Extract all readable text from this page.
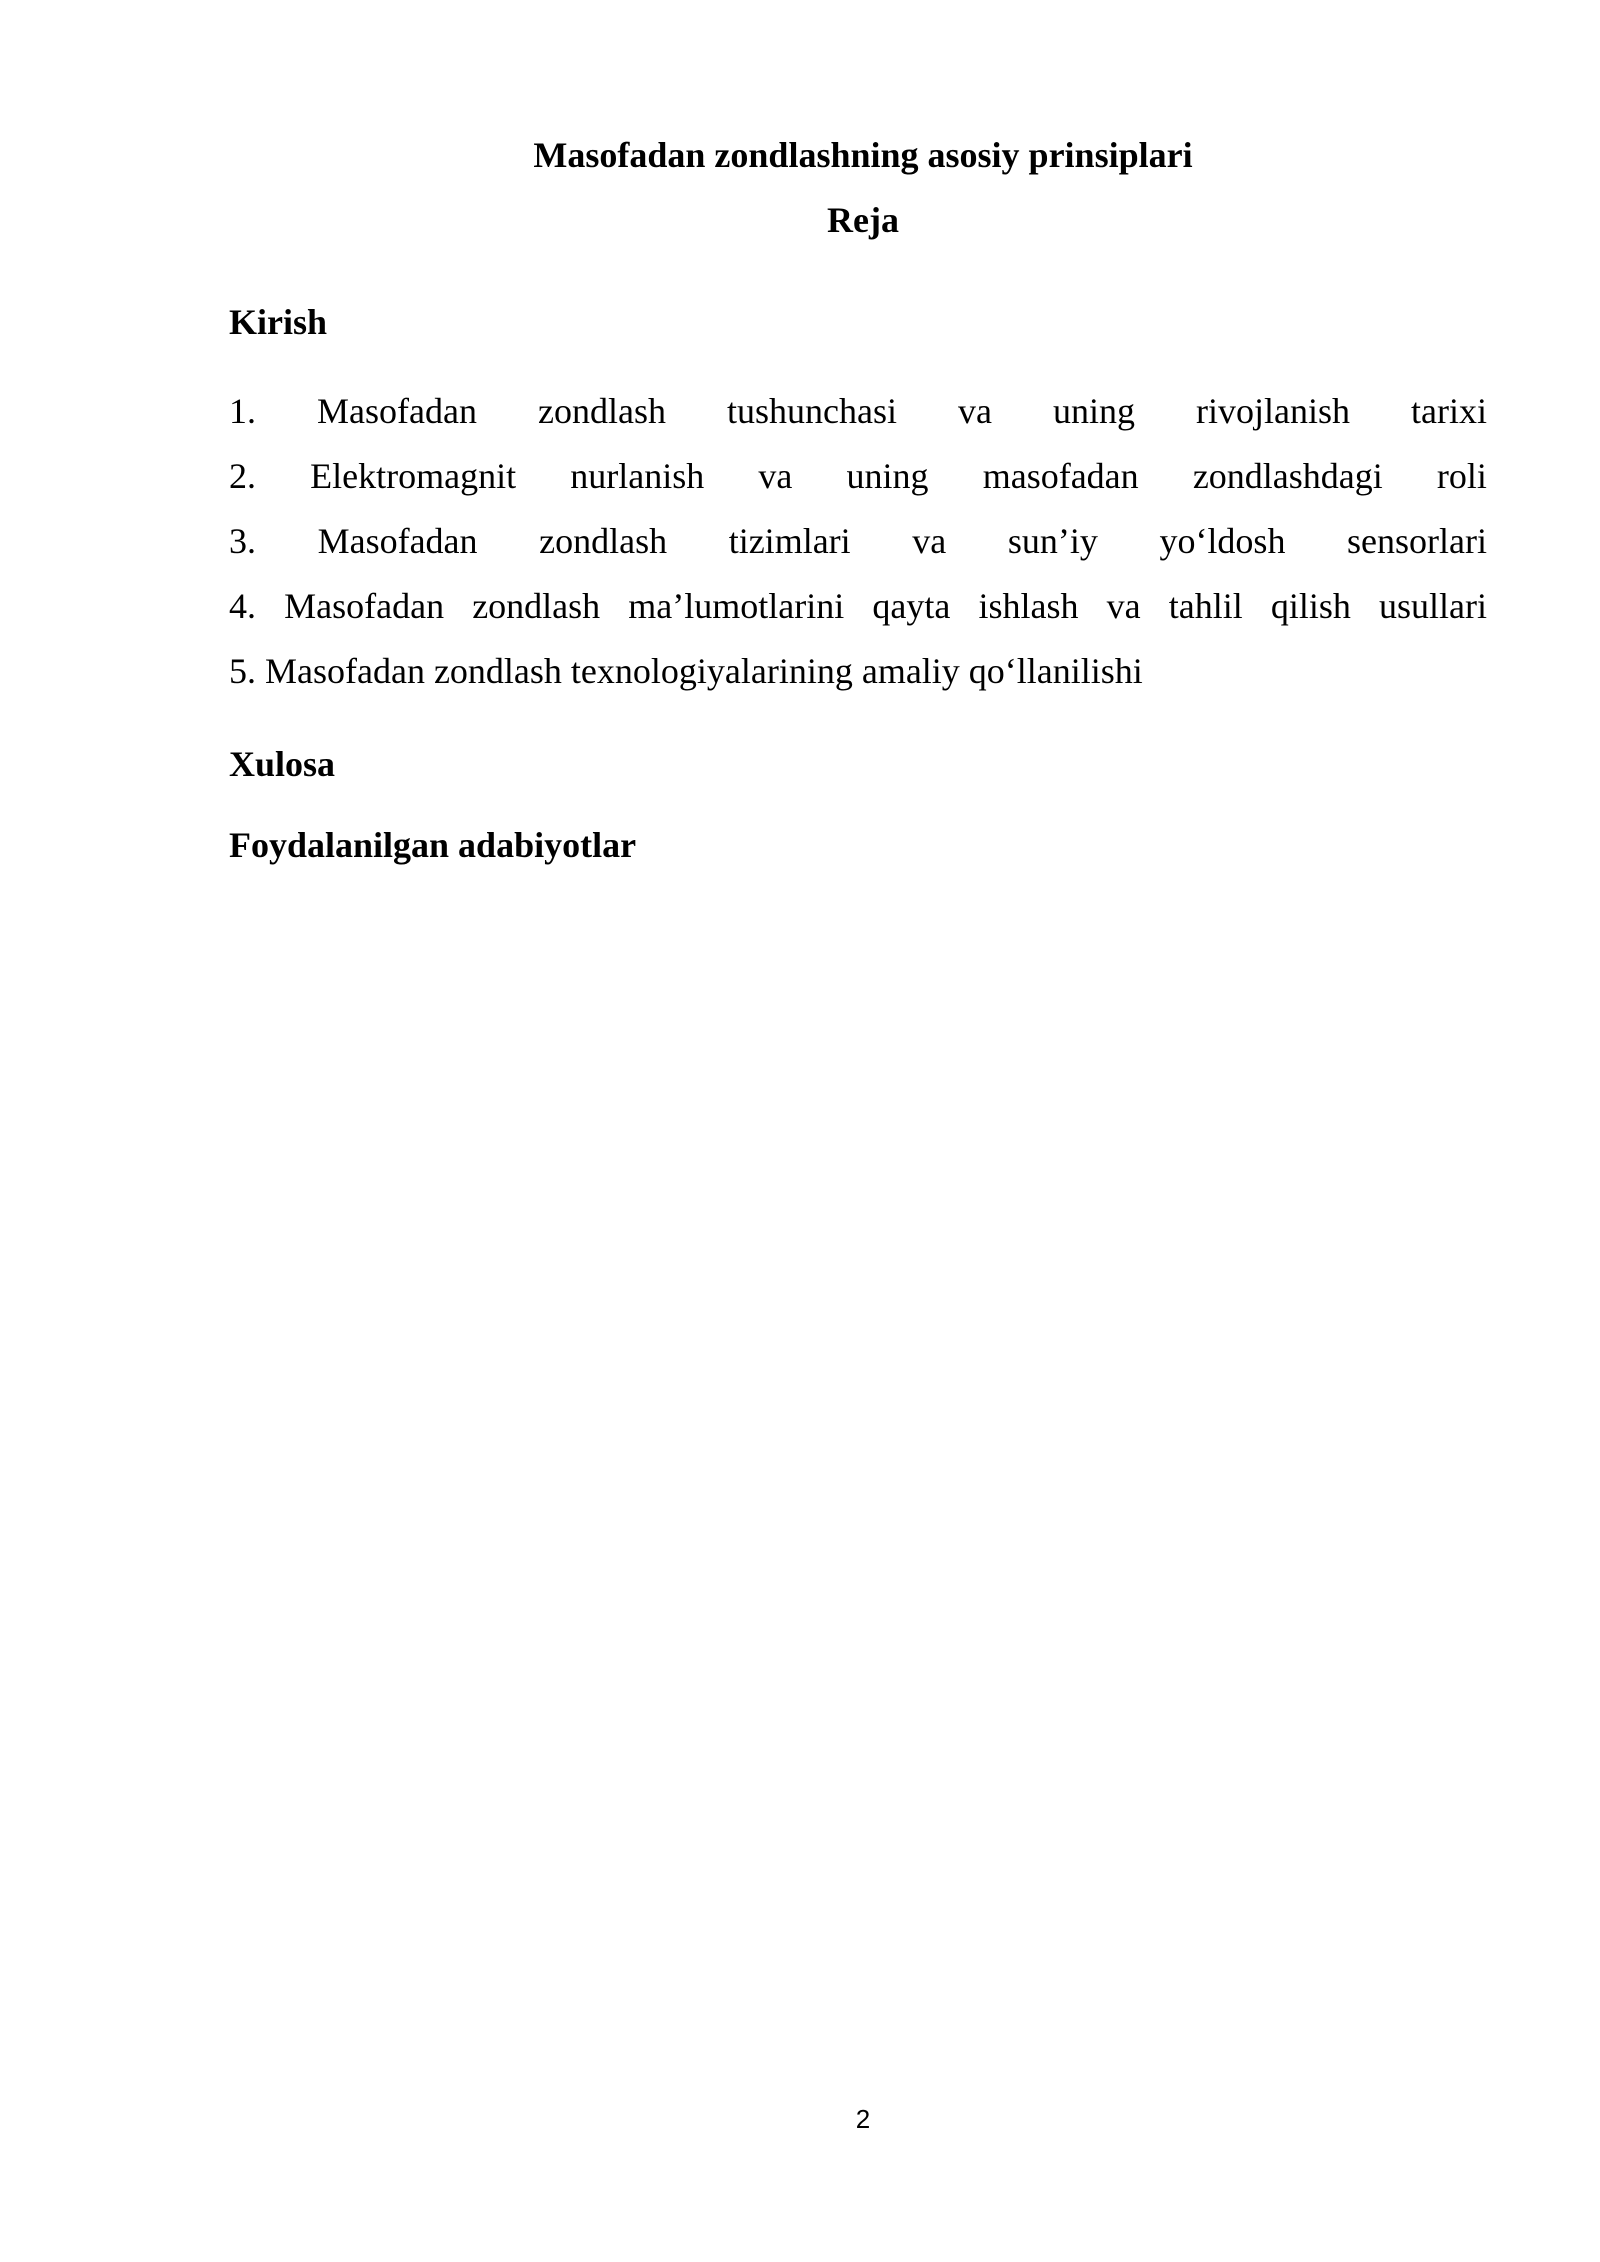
Masofadan zondlashning asosiy prinsiplari
Reja
Kirish
1. Masofadan zondlash tushunchasi va uning rivojlanish tarixi
2. Elektromagnit nurlanish va uning masofadan zondlashdagi roli
3. Masofadan zondlash tizimlari va sun’iy yo‘ldosh sensorlari
4. Masofadan zondlash ma’lumotlarini qayta ishlash va tahlil qilish usullari
5. Masofadan zondlash texnologiyalarining amaliy qo‘llanilishi
Xulosa
Foydalanilgan adabiyotlar
2
